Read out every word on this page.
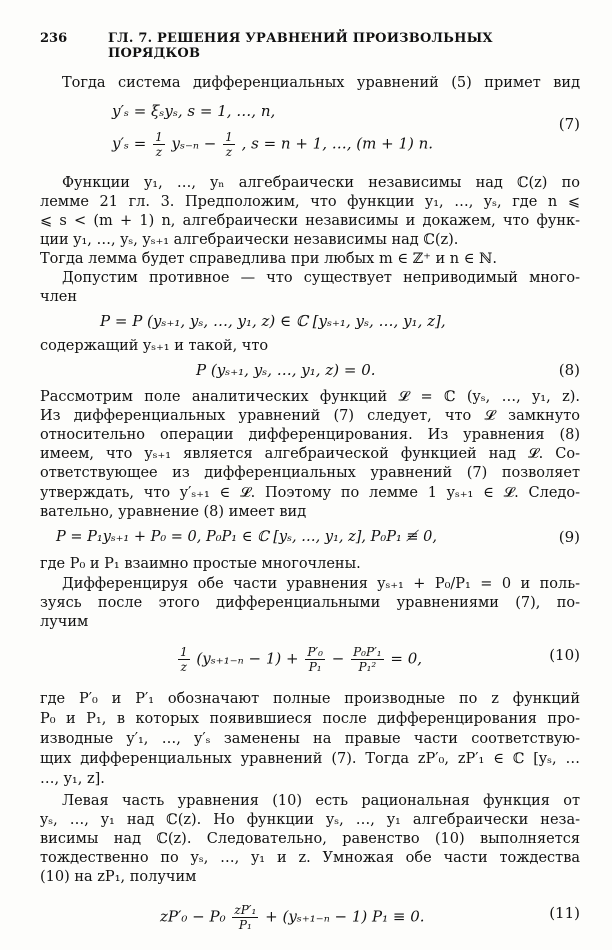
236	ГЛ. 7. РЕШЕНИЯ УРАВНЕНИЙ ПРОИЗВОЛЬНЫХ ПОРЯДКОВ
Тогда система дифференциальных уравнений (5) примет вид
y′ₛ = ξₛyₛ, s = 1, …, n,
$y'_s = \frac{1}{z} y_{s-n} - \frac{1}{z}$ , s = n + 1, …, (m + 1) n.
(7)
Функции y₁, …, yₙ алгебраически независимы над ℂ(z) по
лемме 21 гл. 3. Предположим, что функции y₁, …, yₛ, где n ⩽
⩽ s < (m + 1) n, алгебраически независимы и докажем, что функ-
ции y₁, …, yₛ, yₛ₊₁ алгебраически независимы над ℂ(z).
Тогда лемма будет справедлива при любых m ∈ ℤ⁺ и n ∈ ℕ.
Допустим противное — что существует неприводимый много-
член
P = P (yₛ₊₁, yₛ, …, y₁, z) ∈ ℂ [yₛ₊₁, yₛ, …, y₁, z],
содержащий yₛ₊₁ и такой, что
P (yₛ₊₁, yₛ, …, y₁, z) = 0.	(8)
Рассмотрим поле аналитических функций 𝓛 = ℂ (yₛ, …, y₁, z).
Из дифференциальных уравнений (7) следует, что 𝓛 замкнуто
относительно операции дифференцирования. Из уравнения (8)
имеем, что yₛ₊₁ является алгебраической функцией над 𝓛. Со-
ответствующее из дифференциальных уравнений (7) позволяет
утверждать, что y′ₛ₊₁ ∈ 𝓛. Поэтому по лемме 1 yₛ₊₁ ∈ 𝓛. Следо-
вательно, уравнение (8) имеет вид
P = P₁yₛ₊₁ + P₀ = 0, P₀P₁ ∈ ℂ [yₛ, …, y₁, z], P₀P₁ ≢ 0,	(9)
где P₀ и P₁ взаимно простые многочлены.
Дифференцируя обе части уравнения yₛ₊₁ + P₀/P₁ = 0 и поль-
зуясь после этого дифференциальными уравнениями (7), по-
лучим
$\frac{1}{z} (y_{s+1-n} - 1) + \frac{\text{P′₀}}{\text{P₁}} - \frac{\text{P₀P′₁}}{\text{P₁²}} = 0$,	(10)
где P′₀ и P′₁ обозначают полные производные по z функций
P₀ и P₁, в которых появившиеся после дифференцирования про-
изводные y′₁, …, y′ₛ заменены на правые части соответствую-
щих дифференциальных уравнений (7). Тогда zP′₀, zP′₁ ∈ ℂ [yₛ, …
…, y₁, z].
Левая часть уравнения (10) есть рациональная функция от
yₛ, …, y₁ над ℂ(z). Но функции yₛ, …, y₁ алгебраически неза-
висимы над ℂ(z). Следовательно, равенство (10) выполняется
тождественно по yₛ, …, y₁ и z. Умножая обе части тождества
(10) на zP₁, получим
$zP'_0 - P_0 \frac{\text{zP′₁}}{\text{P₁}} + (y_{s+1-n} - 1) P_1 \equiv 0$.	(11)
